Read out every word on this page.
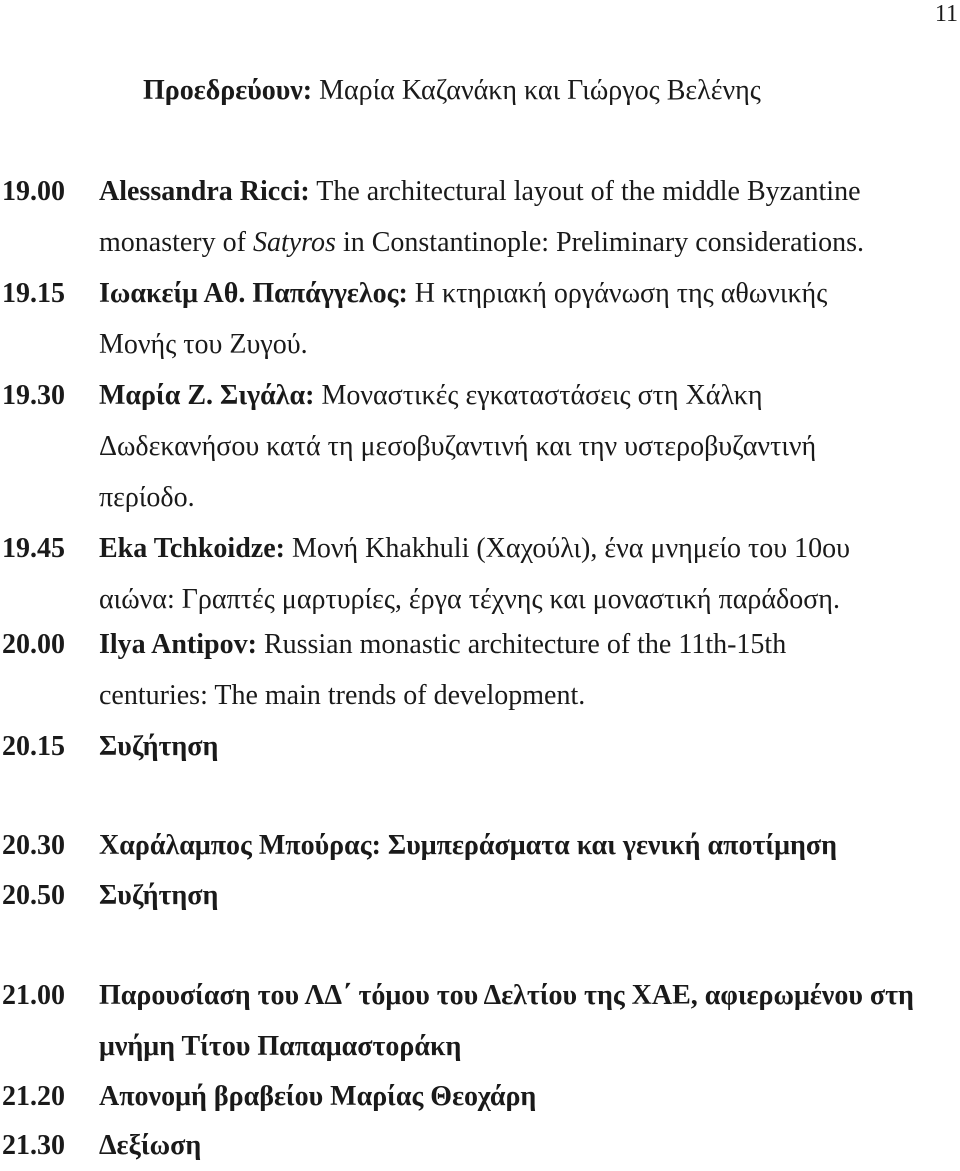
11
Προεδρεύουν: Μαρία Καζανάκη και Γιώργος Βελένης
19.00 Alessandra Ricci: The architectural layout of the middle Byzantine
monastery of Satyros in Constantinople: Preliminary considerations.
19.15 Ιωακείμ Αθ. Παπάγγελος: Η κτηριακή οργάνωση της αθωνικής
Μονής του Ζυγού.
19.30 Μαρία Ζ. Σιγάλα: Μοναστικές εγκαταστάσεις στη Χάλκη
Δωδεκανήσου κατά τη μεσοβυζαντινή και την υστεροβυζαντινή
περίοδο.
19.45 Eka Tchkoidze: Μονή Khakhuli (Χαχούλι), ένα μνημείο του 10ου
αιώνα: Γραπτές μαρτυρίες, έργα τέχνης και μοναστική παράδοση.
20.00 Ilya Antipov: Russian monastic architecture of the 11th-15th
centuries: The main trends of development.
20.15 Συζήτηση
20.30 Χαράλαμπος Μπούρας: Συμπεράσματα και γενική αποτίμηση
20.50 Συζήτηση
21.00 Παρουσίαση του ΛΔ΄ τόμου του Δελτίου της ΧΑΕ, αφιερωμένου στη
μνήμη Τίτου Παπαμαστοράκη
21.20 Απονομή βραβείου Μαρίας Θεοχάρη
21.30 Δεξίωση
